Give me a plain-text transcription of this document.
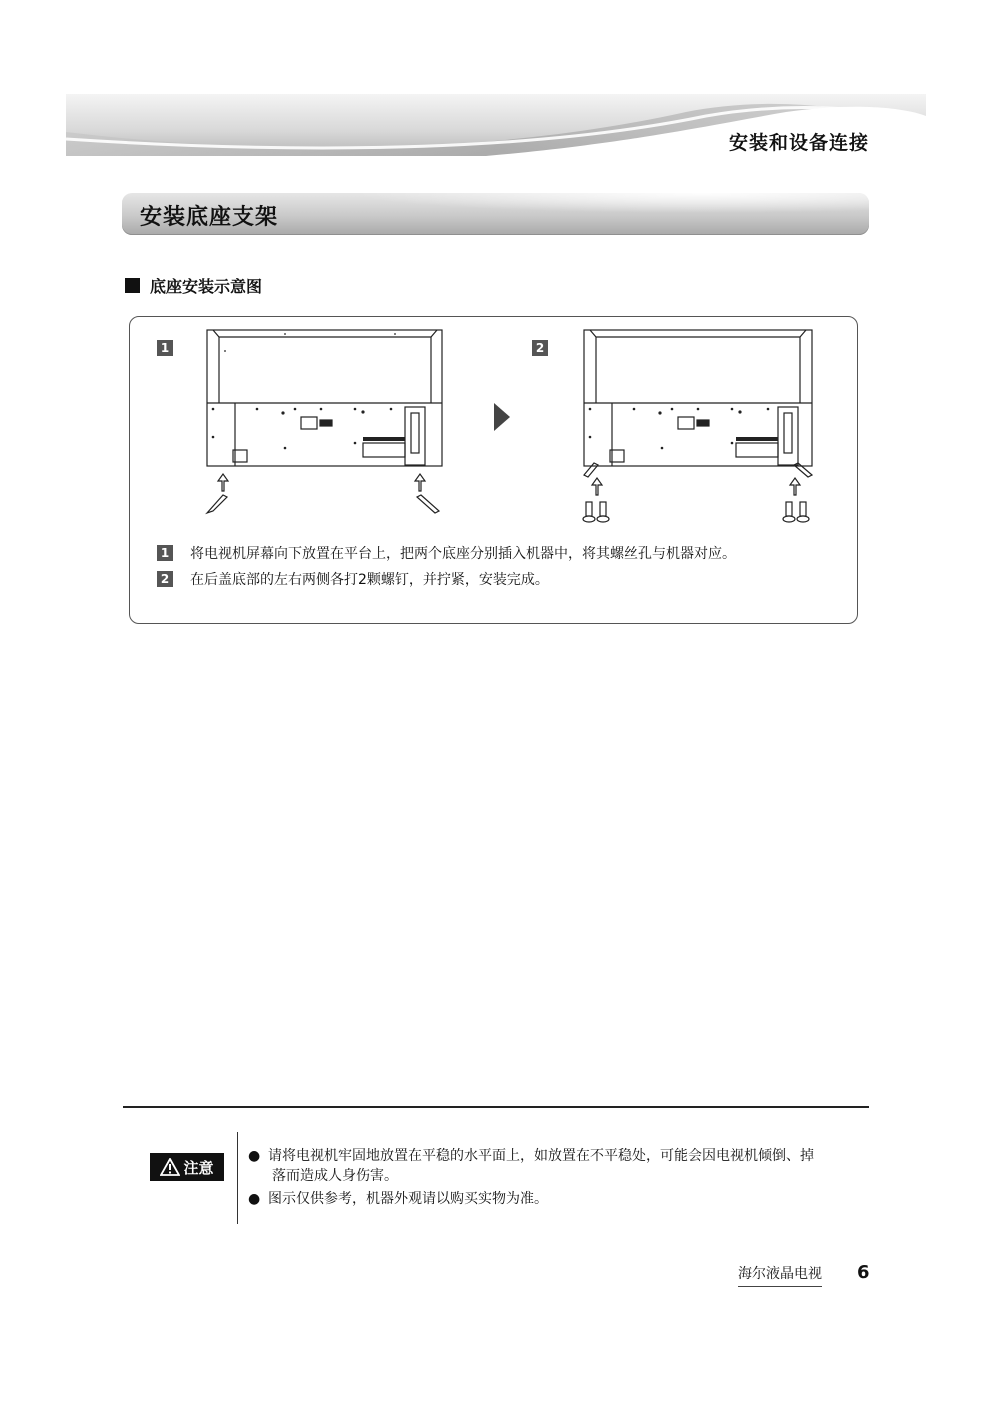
安装和设备连接
安装底座支架
底座安装示意图
1	2
1 将电视机屏幕向下放置在平台上，把两个底座分别插入机器中，将其螺丝孔与机器对应。
2 在后盖底部的左右两侧各打2颗螺钉，并拧紧，安装完成。
注意
● 请将电视机牢固地放置在平稳的水平面上，如放置在不平稳处，可能会因电视机倾倒、掉
落而造成人身伤害。
● 图示仅供参考，机器外观请以购买实物为准。
海尔液晶电视 6
